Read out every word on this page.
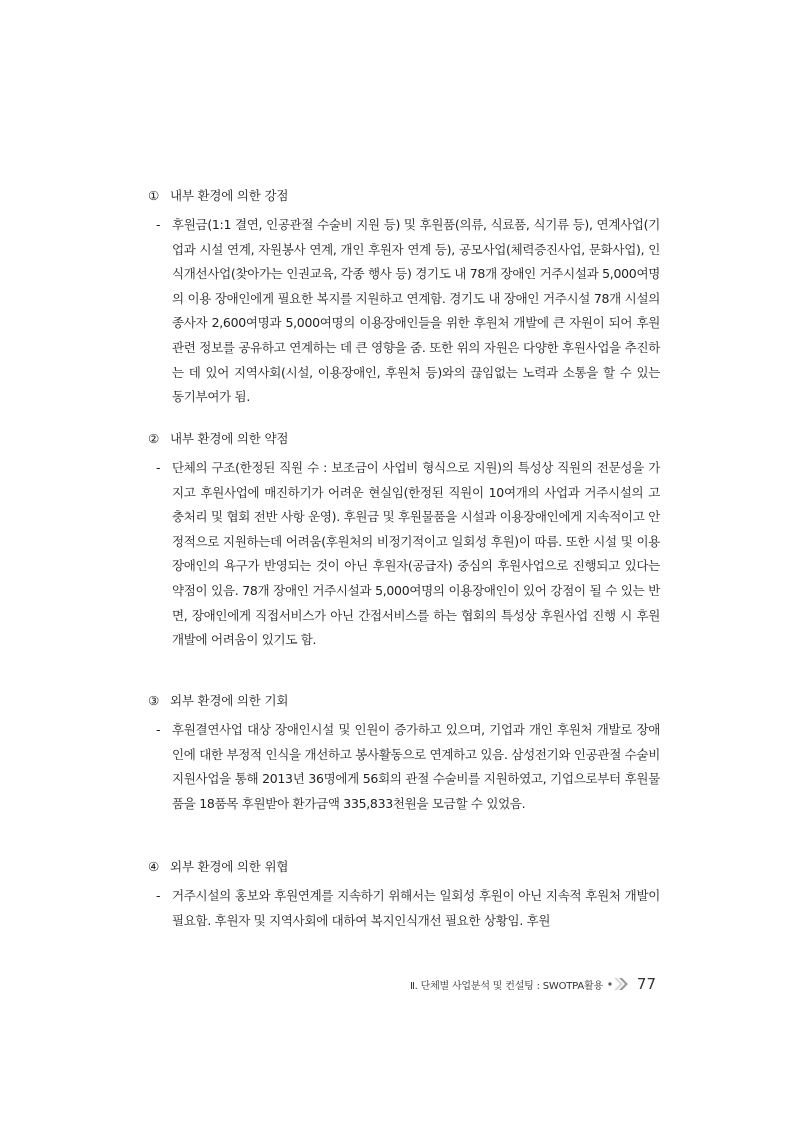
① 내부 환경에 의한 강점
- 후원금(1:1 결연, 인공관절 수술비 지원 등) 및 후원품(의류, 식료품, 식기류 등), 연계사업(기업과 시설 연계, 자원봉사 연계, 개인 후원자 연계 등), 공모사업(체력증진사업, 문화사업), 인식개선사업(찾아가는 인권교육, 각종 행사 등) 경기도 내 78개 장애인 거주시설과 5,000여명의 이용 장애인에게 필요한 복지를 지원하고 연계함. 경기도 내 장애인 거주시설 78개 시설의 종사자 2,600여명과 5,000여명의 이용장애인들을 위한 후원처 개발에 큰 자원이 되어 후원관련 정보를 공유하고 연계하는 데 큰 영향을 줌. 또한 위의 자원은 다양한 후원사업을 추진하는 데 있어 지역사회(시설, 이용장애인, 후원처 등)와의 끊임없는 노력과 소통을 할 수 있는 동기부여가 됨.
② 내부 환경에 의한 약점
- 단체의 구조(한정된 직원 수 : 보조금이 사업비 형식으로 지원)의 특성상 직원의 전문성을 가지고 후원사업에 매진하기가 어려운 현실임(한정된 직원이 10여개의 사업과 거주시설의 고충처리 및 협회 전반 사항 운영). 후원금 및 후원물품을 시설과 이용장애인에게 지속적이고 안정적으로 지원하는데 어려움(후원처의 비정기적이고 일회성 후원)이 따름. 또한 시설 및 이용 장애인의 욕구가 반영되는 것이 아닌 후원자(공급자) 중심의 후원사업으로 진행되고 있다는 약점이 있음. 78개 장애인 거주시설과 5,000여명의 이용장애인이 있어 강점이 될 수 있는 반면, 장애인에게 직접서비스가 아닌 간접서비스를 하는 협회의 특성상 후원사업 진행 시 후원개발에 어려움이 있기도 함.
③ 외부 환경에 의한 기회
- 후원결연사업 대상 장애인시설 및 인원이 증가하고 있으며, 기업과 개인 후원처 개발로 장애인에 대한 부정적 인식을 개선하고 봉사활동으로 연계하고 있음. 삼성전기와 인공관절 수술비 지원사업을 통해 2013년 36명에게 56회의 관절 수술비를 지원하였고, 기업으로부터 후원물품을 18품목 후원받아 환가금액 335,833천원을 모금할 수 있었음.
④ 외부 환경에 의한 위협
- 거주시설의 홍보와 후원연계를 지속하기 위해서는 일회성 후원이 아닌 지속적 후원처 개발이 필요함. 후원자 및 지역사회에 대하여 복지인식개선 필요한 상황임. 후원
Ⅱ. 단체별 사업분석 및 컨설팅 : SWOTPA활용 77
